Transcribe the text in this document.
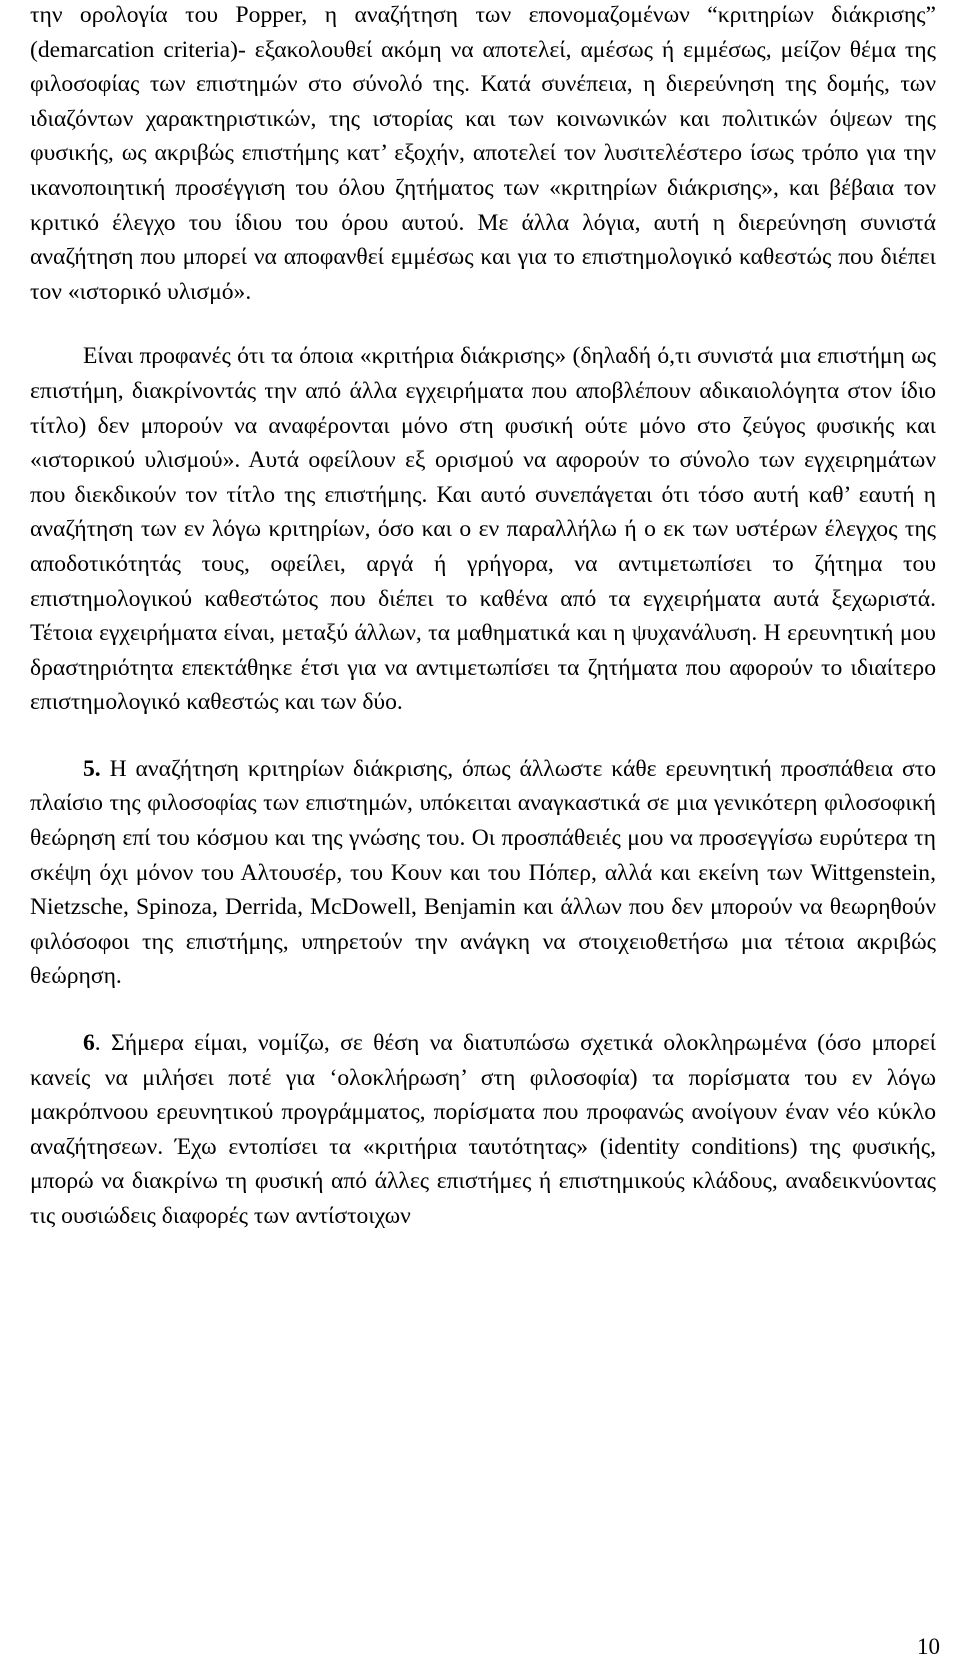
την ορολογία του Popper, η αναζήτηση των επονομαζομένων “κριτηρίων διάκρισης” (demarcation criteria)- εξακολουθεί ακόμη να αποτελεί, αμέσως ή εμμέσως, μείζον θέμα της φιλοσοφίας των επιστημών στο σύνολό της. Κατά συνέπεια, η διερεύνηση της δομής, των ιδιαζόντων χαρακτηριστικών, της ιστορίας και των κοινωνικών και πολιτικών όψεων της φυσικής, ως ακριβώς επιστήμης κατ’ εξοχήν, αποτελεί τον λυσιτελέστερο ίσως τρόπο για την ικανοποιητική προσέγγιση του όλου ζητήματος των «κριτηρίων διάκρισης», και βέβαια τον κριτικό έλεγχο του ίδιου του όρου αυτού. Με άλλα λόγια, αυτή η διερεύνηση συνιστά αναζήτηση που μπορεί να αποφανθεί εμμέσως και για το επιστημολογικό καθεστώς που διέπει τον «ιστορικό υλισμό».

Είναι προφανές ότι τα όποια «κριτήρια διάκρισης» (δηλαδή ό,τι συνιστά μια επιστήμη ως επιστήμη, διακρίνοντάς την από άλλα εγχειρήματα που αποβλέπουν αδικαιολόγητα στον ίδιο τίτλο) δεν μπορούν να αναφέρονται μόνο στη φυσική ούτε μόνο στο ζεύγος φυσικής και «ιστορικού υλισμού». Αυτά οφείλουν εξ ορισμού να αφορούν το σύνολο των εγχειρημάτων που διεκδικούν τον τίτλο της επιστήμης. Και αυτό συνεπάγεται ότι τόσο αυτή καθ’ εαυτή η αναζήτηση των εν λόγω κριτηρίων, όσο και ο εν παραλλήλω ή ο εκ των υστέρων έλεγχος της αποδοτικότητάς τους, οφείλει, αργά ή γρήγορα, να αντιμετωπίσει το ζήτημα του επιστημολογικού καθεστώτος που διέπει το καθένα από τα εγχειρήματα αυτά ξεχωριστά. Τέτοια εγχειρήματα είναι, μεταξύ άλλων, τα μαθηματικά και η ψυχανάλυση. Η ερευνητική μου δραστηριότητα επεκτάθηκε έτσι για να αντιμετωπίσει τα ζητήματα που αφορούν το ιδιαίτερο επιστημολογικό καθεστώς και των δύο.

5. Η αναζήτηση κριτηρίων διάκρισης, όπως άλλωστε κάθε ερευνητική προσπάθεια στο πλαίσιο της φιλοσοφίας των επιστημών, υπόκειται αναγκαστικά σε μια γενικότερη φιλοσοφική θεώρηση επί του κόσμου και της γνώσης του. Οι προσπάθειές μου να προσεγγίσω ευρύτερα τη σκέψη όχι μόνον του Αλτουσέρ, του Κουν και του Πόπερ, αλλά και εκείνη των Wittgenstein, Nietzsche, Spinoza, Derrida, McDowell, Benjamin και άλλων που δεν μπορούν να θεωρηθούν φιλόσοφοι της επιστήμης, υπηρετούν την ανάγκη να στοιχειοθετήσω μια τέτοια ακριβώς θεώρηση.

6. Σήμερα είμαι, νομίζω, σε θέση να διατυπώσω σχετικά ολοκληρωμένα (όσο μπορεί κανείς να μιλήσει ποτέ για ‘ολοκλήρωση’ στη φιλοσοφία) τα πορίσματα του εν λόγω μακρόπνοου ερευνητικού προγράμματος, πορίσματα που προφανώς ανοίγουν έναν νέο κύκλο αναζήτησεων. Έχω εντοπίσει τα «κριτήρια ταυτότητας» (identity conditions) της φυσικής, μπορώ να διακρίνω τη φυσική από άλλες επιστήμες ή επιστημικούς κλάδους, αναδεικνύοντας τις ουσιώδεις διαφορές των αντίστοιχων

10
